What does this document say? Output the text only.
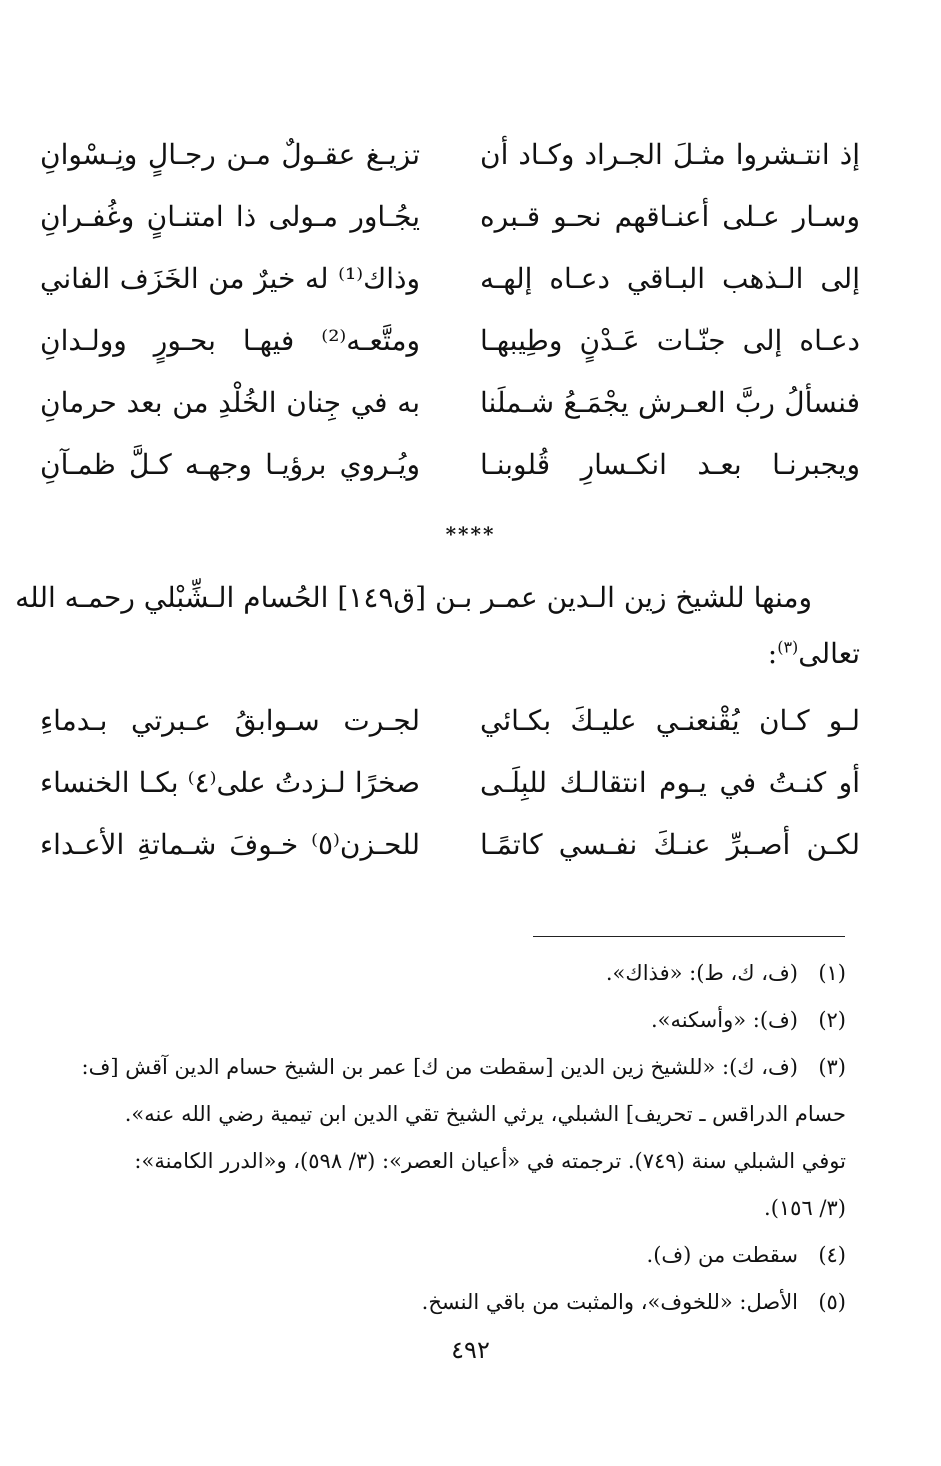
إذ انتـشروا مثـلَ الجـراد وكـاد أن
تزيـغ عقـولٌ مـن رجـالٍ ونِـسْوانِ
وسـار عـلى أعنـاقهم نحـو قـبره
يجُـاور مـولى ذا امتنـانٍ وغُفـرانِ
إلى الـذهب البـاقي دعـاه إلهـه
وذاك⁽¹⁾ له خيرٌ من الخَزَف الفاني
دعـاه إلى جنّـات عَـدْنٍ وطِيبهـا
ومتَّعـه⁽²⁾ فيهـا بحـورٍ وولـدانِ
فنسألُ ربَّ العـرش يجْمَـعُ شـملَنا
به في جِنان الخُلْدِ من بعد حرمانِ
ويجبرنـا بعـد انكـسارِ قُلوبنـا
ويُـروي برؤيـا وجهـه كـلَّ ظمـآنِ
****
ومنها للشيخ زين الـدين عمـر بـن [ق١٤٩] الحُسام الـشِّبْلي رحمـه الله
تعالى$^{(٣)}$:
لـو كـان يُقْنعنـي عليـكَ بكـائي
لجـرت سـوابقُ عـبرتي بـدماءِ
أو كنـتُ في يـوم انتقالـك للبِلَـى
صخرًا لـزدتُ على⁽٤⁾ بكـا الخنساء
لكـن أصـبرِّ عنـكَ نفـسي كاتمًـا
للحـزن⁽٥⁾ خـوفَ شـماتةِ الأعـداء
(١)
(ف، ك، ط): «فذاك».
(٢)
(ف): «وأسكنه».
(٣)
(ف، ك): «للشيخ زين الدين [سقطت من ك] عمر بن الشيخ حسام الدين آقش [ف:
حسام الدراقس ـ تحريف] الشبلي، يرثي الشيخ تقي الدين ابن تيمية رضي الله عنه».
توفي الشبلي سنة (٧٤٩). ترجمته في «أعيان العصر»: (٣/ ٥٩٨)، و«الدرر الكامنة»:
(٣/ ١٥٦).
(٤)
سقطت من (ف).
(٥)
الأصل: «للخوف»، والمثبت من باقي النسخ.
٤٩٢
